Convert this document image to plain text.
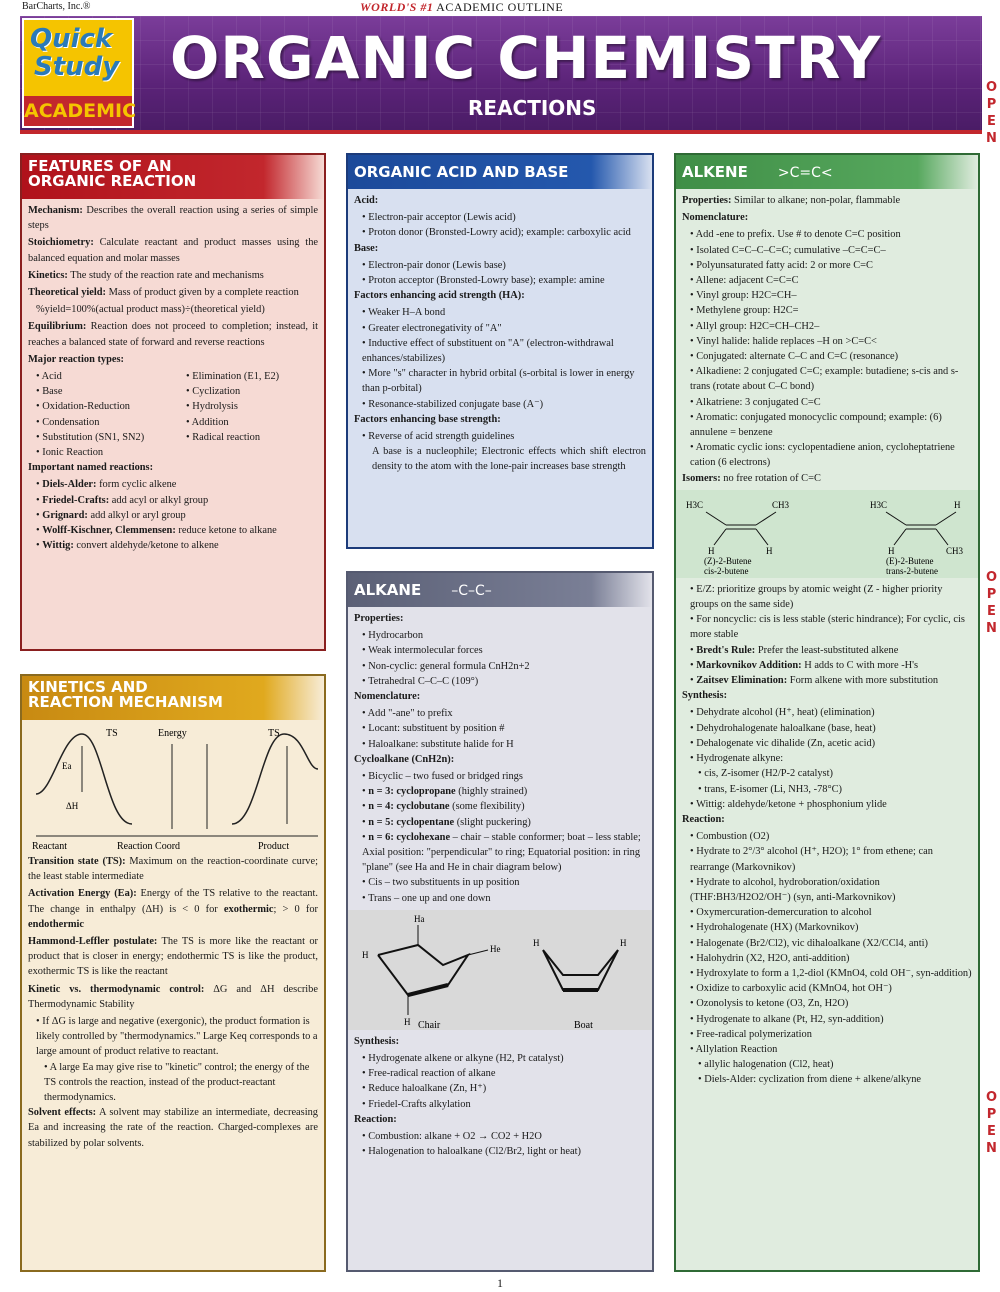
BarCharts, Inc.®	WORLD'S #1 ACADEMIC OUTLINE
Quick
Study
ACADEMIC
ORGANIC CHEMISTRY
REACTIONS	OPEN
OPEN
OPEN
FEATURES OF AN
ORGANIC REACTION

Mechanism: Describes the overall reaction using a series of simple steps

Stoichiometry: Calculate reactant and product masses using the balanced equation and molar masses

Kinetics: The study of the reaction rate and mechanisms

Theoretical yield: Mass of product given by a complete reaction

%yield=100%(actual product mass)÷(theoretical yield)

Equilibrium: Reaction does not proceed to completion; instead, it reaches a balanced state of forward and reverse reactions

Major reaction types:

• Acid
• Base
• Oxidation-Reduction
• Condensation
• Substitution (SN1, SN2)
• Ionic Reaction
• Elimination (E1, E2)
• Cyclization
• Hydrolysis
• Addition
• Radical reaction

Important named reactions:

• Diels-Alder: form cyclic alkene
• Friedel-Crafts: add acyl or alkyl group
• Grignard: add alkyl or aryl group
• Wolff-Kischner, Clemmensen: reduce ketone to alkane
• Wittig: convert aldehyde/ketone to alkene
KINETICS AND
REACTION MECHANISM
TS	Energy	TS
Ea
ΔH
Reactant	Reaction Coord	Product

Transition state (TS): Maximum on the reaction-coordinate curve; the least stable intermediate

Activation Energy (Ea): Energy of the TS relative to the reactant. The change in enthalpy (ΔH) is < 0 for exothermic; > 0 for endothermic

Hammond-Leffler postulate: The TS is more like the reactant or product that is closer in energy; endothermic TS is like the product, exothermic TS is like the reactant

Kinetic vs. thermodynamic control: ΔG and ΔH describe Thermodynamic Stability

• If ΔG is large and negative (exergonic), the product formation is likely controlled by "thermodynamics." Large Keq corresponds to a large amount of product relative to reactant.
• A large Ea may give rise to "kinetic" control; the energy of the TS controls the reaction, instead of the product-reactant thermodynamics.

Solvent effects: A solvent may stabilize an intermediate, decreasing Ea and increasing the rate of the reaction. Charged-complexes are stabilized by polar solvents.

ORGANIC ACID AND BASE

Acid:

• Electron-pair acceptor (Lewis acid)
• Proton donor (Bronsted-Lowry acid); example: carboxylic acid

Base:

• Electron-pair donor (Lewis base)
• Proton acceptor (Bronsted-Lowry base); example: amine

Factors enhancing acid strength (HA):

• Weaker H–A bond
• Greater electronegativity of "A"
• Inductive effect of substituent on "A" (electron-withdrawal enhances/stabilizes)
• More "s" character in hybrid orbital (s-orbital is lower in energy than p-orbital)
• Resonance-stabilized conjugate base (A⁻)

Factors enhancing base strength:

• Reverse of acid strength guidelines

A base is a nucleophile; Electronic effects which shift electron density to the atom with the lone-pair increases base strength

ALKANE –C–C–

Properties:

• Hydrocarbon
• Weak intermolecular forces
• Non-cyclic: general formula CnH2n+2
• Tetrahedral C–C–C (109°)

Nomenclature:

• Add "-ane" to prefix
• Locant: substituent by position #
• Haloalkane: substitute halide for H

Cycloalkane (CnH2n):

• Bicyclic – two fused or bridged rings
• n = 3: cyclopropane (highly strained)
• n = 4: cyclobutane (some flexibility)
• n = 5: cyclopentane (slight puckering)
• n = 6: cyclohexane – chair – stable conformer; boat – less stable; Axial position: "perpendicular" to ring; Equatorial position: in ring "plane" (see Ha and He in chair diagram below)
• Cis – two substituents in up position
• Trans – one up and one down
Ha
He
H
H Chair
H	H
Boat

Synthesis:

• Hydrogenate alkene or alkyne (H2, Pt catalyst)
• Free-radical reaction of alkane
• Reduce haloalkane (Zn, H⁺)
• Friedel-Crafts alkylation

Reaction:

• Combustion: alkane + O2 → CO2 + H2O
• Halogenation to haloalkane (Cl2/Br2, light or heat)
ALKENE >C=C<

Properties: Similar to alkane; non-polar, flammable

Nomenclature:

• Add -ene to prefix. Use # to denote C=C position
• Isolated C=C–C–C=C; cumulative –C=C=C–
• Polyunsaturated fatty acid: 2 or more C=C
• Allene: adjacent C=C=C
• Vinyl group: H2C=CH–
• Methylene group: H2C=
• Allyl group: H2C=CH–CH2–
• Vinyl halide: halide replaces –H on >C=C<
• Conjugated: alternate C–C and C=C (resonance)
• Alkadiene: 2 conjugated C=C; example: butadiene; s-cis and s-trans (rotate about C–C bond)
• Alkatriene: 3 conjugated C=C
• Aromatic: conjugated monocyclic compound; example: (6) annulene = benzene
• Aromatic cyclic ions: cyclopentadiene anion, cycloheptatriene cation (6 electrons)

Isomers: no free rotation of C=C

H3C	CH3
H	H
(Z)-2-Butene
cis-2-butene
H3C	H
H	CH3
(E)-2-Butene
trans-2-butene
• E/Z: prioritize groups by atomic weight (Z - higher priority groups on the same side)
• For noncyclic: cis is less stable (steric hindrance); For cyclic, cis more stable
• Bredt's Rule: Prefer the least-substituted alkene
• Markovnikov Addition: H adds to C with more -H's
• Zaitsev Elimination: Form alkene with more substitution

Synthesis:

• Dehydrate alcohol (H⁺, heat) (elimination)
• Dehydrohalogenate haloalkane (base, heat)
• Dehalogenate vic dihalide (Zn, acetic acid)
• Hydrogenate alkyne:
• cis, Z-isomer (H2/P-2 catalyst)
• trans, E-isomer (Li, NH3, -78°C)
• Wittig: aldehyde/ketone + phosphonium ylide

Reaction:

• Combustion (O2)
• Hydrate to 2°/3° alcohol (H⁺, H2O); 1° from ethene; can rearrange (Markovnikov)
• Hydrate to alcohol, hydroboration/oxidation (THF:BH3/H2O2/OH⁻) (syn, anti-Markovnikov)
• Oxymercuration-demercuration to alcohol
• Hydrohalogenate (HX) (Markovnikov)
• Halogenate (Br2/Cl2), vic dihaloalkane (X2/CCl4, anti)
• Halohydrin (X2, H2O, anti-addition)
• Hydroxylate to form a 1,2-diol (KMnO4, cold OH⁻, syn-addition)
• Oxidize to carboxylic acid (KMnO4, hot OH⁻)
• Ozonolysis to ketone (O3, Zn, H2O)
• Hydrogenate to alkane (Pt, H2, syn-addition)
• Free-radical polymerization
• Allylation Reaction
• allylic halogenation (Cl2, heat)
• Diels-Alder: cyclization from diene + alkene/alkyne
1
